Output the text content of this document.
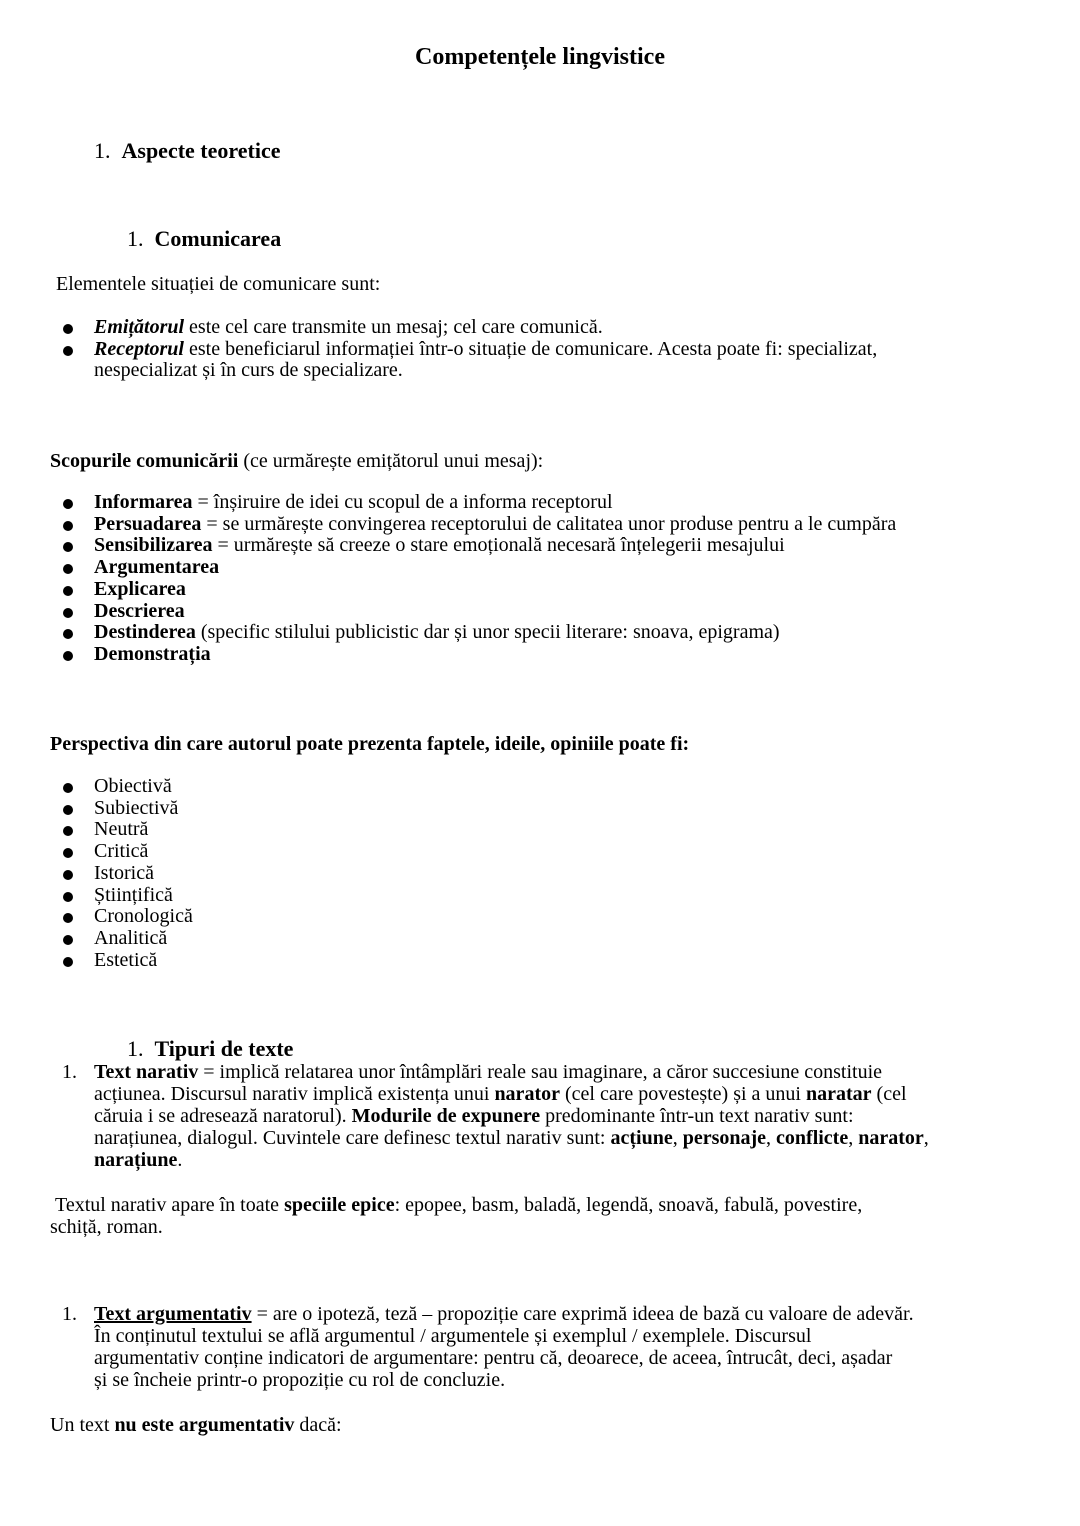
Competențele lingvistice
1. Aspecte teoretice
1. Comunicarea
Elementele situației de comunicare sunt:
Emițătorul este cel care transmite un mesaj; cel care comunică.
Receptorul este beneficiarul informației într-o situație de comunicare. Acesta poate fi: specializat,
nespecializat și în curs de specializare.
Scopurile comunicării (ce urmărește emițătorul unui mesaj):
Informarea = înșiruire de idei cu scopul de a informa receptorul
Persuadarea = se urmărește convingerea receptorului de calitatea unor produse pentru a le cumpăra
Sensibilizarea = urmărește să creeze o stare emoțională necesară înțelegerii mesajului
Argumentarea
Explicarea
Descrierea
Destinderea (specific stilului publicistic dar și unor specii literare: snoava, epigrama)
Demonstrația
Perspectiva din care autorul poate prezenta faptele, ideile, opiniile poate fi:
Obiectivă
Subiectivă
Neutră
Critică
Istorică
Științifică
Cronologică
Analitică
Estetică
1. Tipuri de texte
1. Text narativ = implică relatarea unor întâmplări reale sau imaginare, a căror succesiune constituie
acțiunea. Discursul narativ implică existența unui narator (cel care povestește) și a unui naratar (cel
căruia i se adresează naratorul). Modurile de expunere predominante într-un text narativ sunt:
narațiunea, dialogul. Cuvintele care definesc textul narativ sunt: acțiune, personaje, conflicte, narator,
narațiune.
Textul narativ apare în toate speciile epice: epopee, basm, baladă, legendă, snoavă, fabulă, povestire,
schiță, roman.
1. Text argumentativ = are o ipoteză, teză – propoziție care exprimă ideea de bază cu valoare de adevăr.
În conținutul textului se află argumentul / argumentele și exemplul / exemplele. Discursul
argumentativ conține indicatori de argumentare: pentru că, deoarece, de aceea, întrucât, deci, așadar
și se încheie printr-o propoziție cu rol de concluzie.
Un text nu este argumentativ dacă:
